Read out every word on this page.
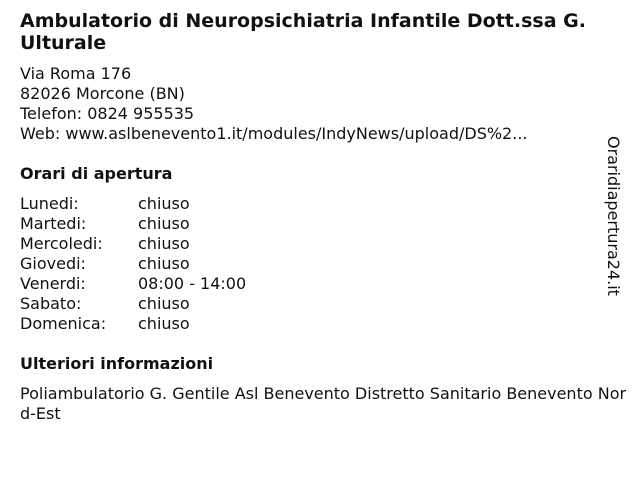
Ambulatorio di Neuropsichiatria Infantile Dott.ssa G. Ulturale
Via Roma 176
82026 Morcone (BN)
Telefon: 0824 955535
Web: www.aslbenevento1.it/modules/IndyNews/upload/DS%2...
Orari di apertura
Lunedi:	chiuso
Martedi:	chiuso
Mercoledi:	chiuso
Giovedi:	chiuso
Venerdi:	08:00 - 14:00
Sabato:	chiuso
Domenica:	chiuso
Ulteriori informazioni
Poliambulatorio G. Gentile Asl Benevento Distretto Sanitario Benevento Nord-Est
Oraridiapertura24.it
